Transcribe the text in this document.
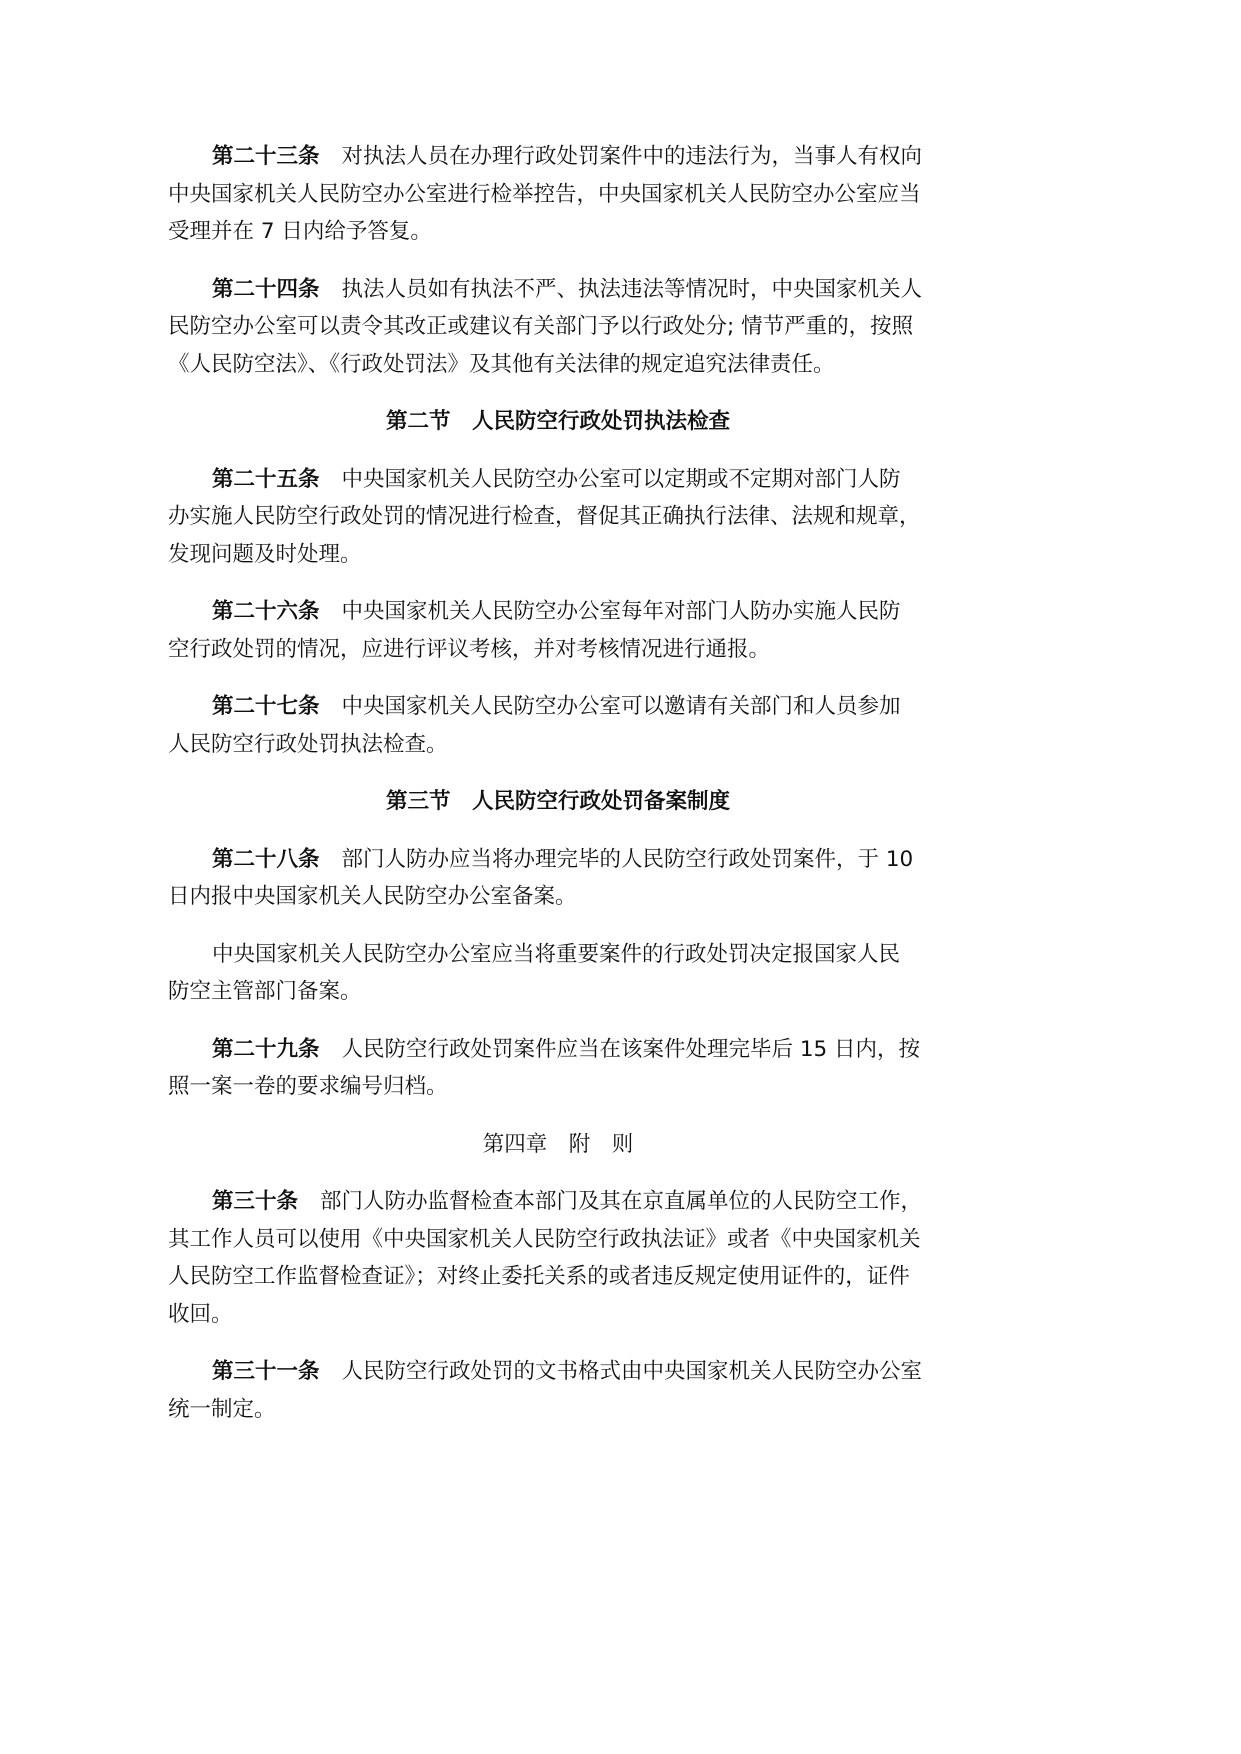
第二十三条 对执法人员在办理行政处罚案件中的违法行为，当事人有权向
中央国家机关人民防空办公室进行检举控告，中央国家机关人民防空办公室应当
受理并在 7 日内给予答复。
第二十四条 执法人员如有执法不严、执法违法等情况时，中央国家机关人
民防空办公室可以责令其改正或建议有关部门予以行政处分; 情节严重的，按照
《人民防空法》、《行政处罚法》及其他有关法律的规定追究法律责任。
第二节　人民防空行政处罚执法检查
第二十五条 中央国家机关人民防空办公室可以定期或不定期对部门人防
办实施人民防空行政处罚的情况进行检查，督促其正确执行法律、法规和规章，
发现问题及时处理。
第二十六条 中央国家机关人民防空办公室每年对部门人防办实施人民防
空行政处罚的情况，应进行评议考核，并对考核情况进行通报。
第二十七条 中央国家机关人民防空办公室可以邀请有关部门和人员参加
人民防空行政处罚执法检查。
第三节　人民防空行政处罚备案制度
第二十八条 部门人防办应当将办理完毕的人民防空行政处罚案件，于 10
日内报中央国家机关人民防空办公室备案。
中央国家机关人民防空办公室应当将重要案件的行政处罚决定报国家人民
防空主管部门备案。
第二十九条 人民防空行政处罚案件应当在该案件处理完毕后 15 日内，按
照一案一卷的要求编号归档。
第四章　附　则
第三十条 部门人防办监督检查本部门及其在京直属单位的人民防空工作，
其工作人员可以使用《中央国家机关人民防空行政执法证》或者《中央国家机关
人民防空工作监督检查证》；对终止委托关系的或者违反规定使用证件的，证件
收回。
第三十一条 人民防空行政处罚的文书格式由中央国家机关人民防空办公室
统一制定。
